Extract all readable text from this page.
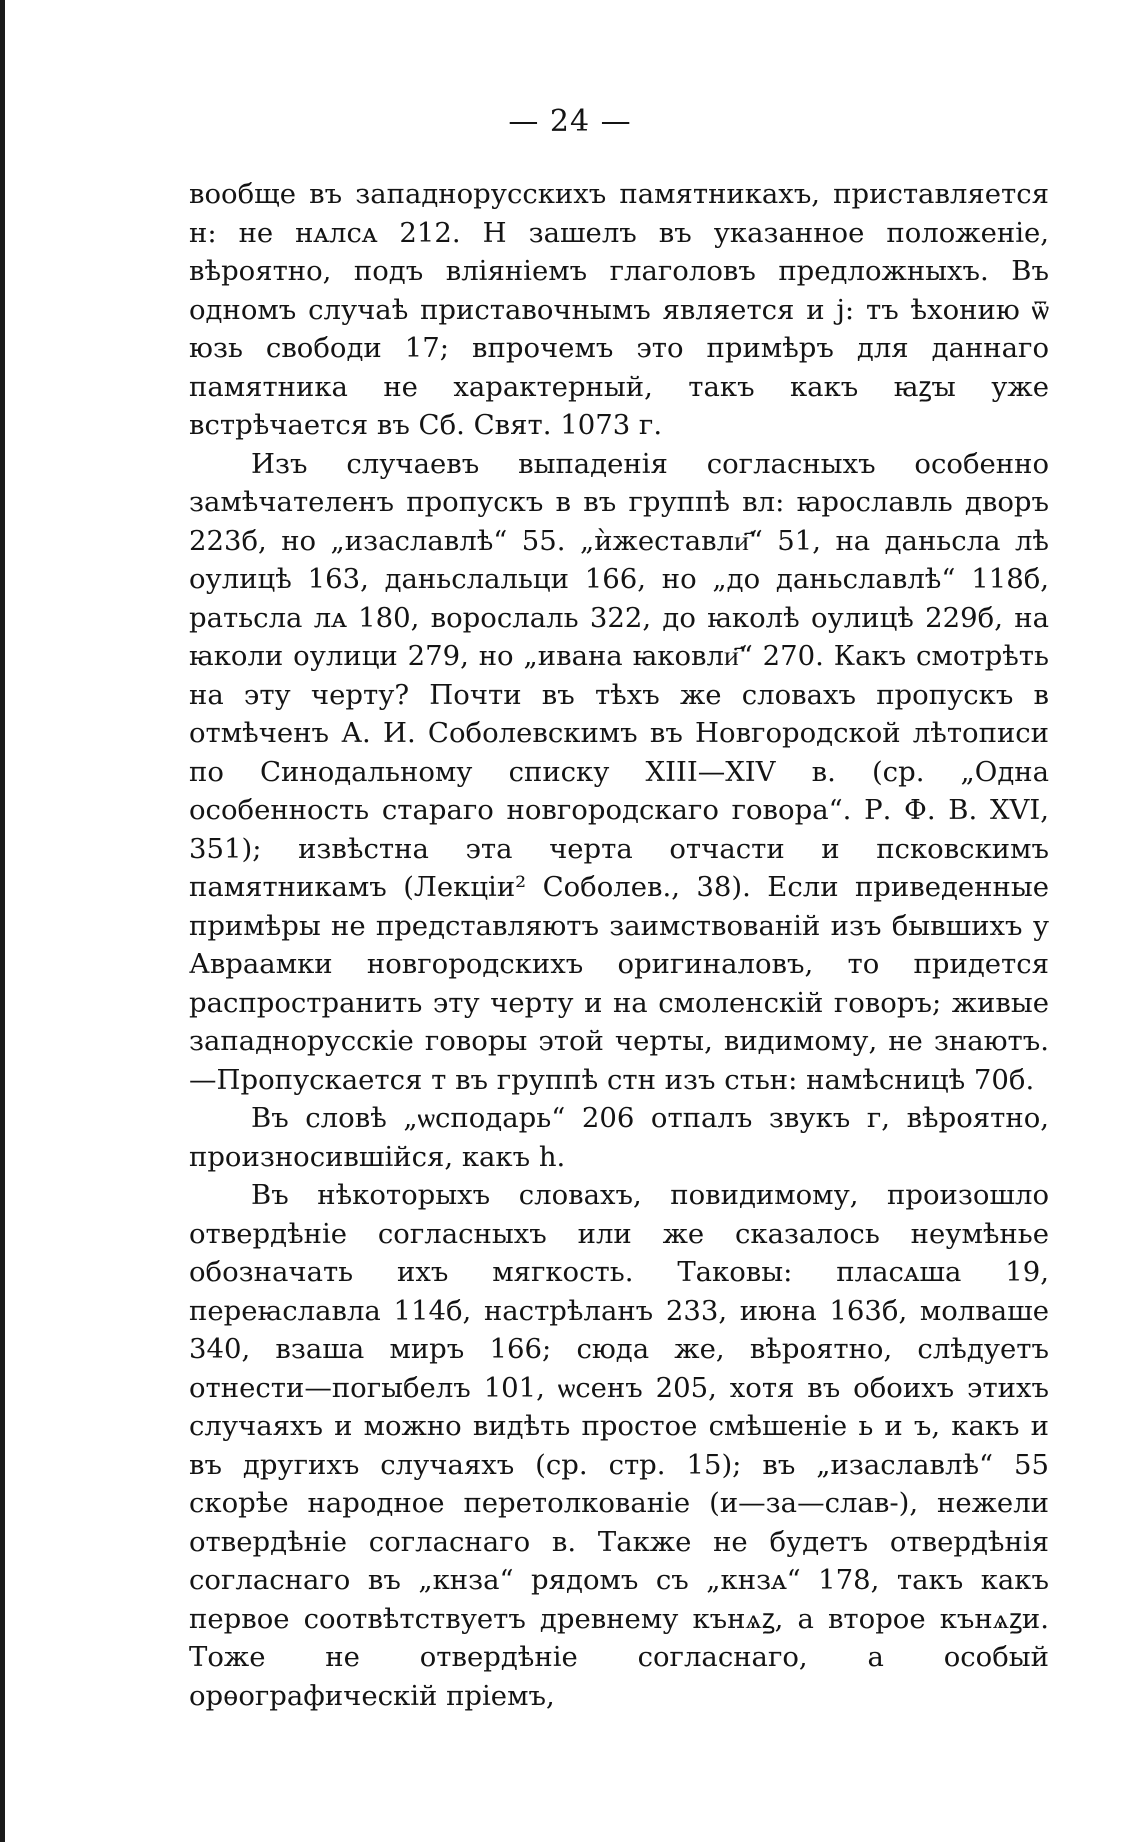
— 24 —

вообще въ западнорусскихъ памятникахъ, приставляется н: не нᴀлсᴀ 212. Н зашелъ въ указанное положеніе, вѣроятно, подъ вліяніемъ глаголовъ предложныхъ. Въ одномъ случаѣ приставочнымъ является и j: тъ ѣхонию ѿ юзь свободи 17; впрочемъ это примѣръ для даннаго памятника не характерный, такъ какъ ꙗꙁꙑ уже встрѣчается въ Сб. Свят. 1073 г.

Изъ случаевъ выпаденія согласныхъ особенно замѣчателенъ пропускъ в въ группѣ вл: ꙗрославль дворъ 223б, но „изаславлѣ“ 55. „ѝжеставли҃“ 51, на даньсла лѣ оулицѣ 163, даньслальци 166, но „до даньславлѣ“ 118б, ратьсла лᴀ 180, ворослаль 322, до ꙗколѣ оулицѣ 229б, на ꙗколи оулици 279, но „ивана ꙗковли҃“ 270. Какъ смотрѣть на эту черту? Почти въ тѣхъ же словахъ пропускъ в отмѣченъ А. И. Соболевскимъ въ Новгородской лѣтописи по Синодальному списку XIII—XIV в. (ср. „Одна особенность стараго новгородскаго говора“. Р. Ф. В. XVI, 351); извѣстна эта черта отчасти и псковскимъ памятникамъ (Лекціи² Соболев., 38). Если приведенные примѣры не представляютъ заимствованій изъ бывшихъ у Авраамки новгородскихъ оригиналовъ, то придется распространить эту черту и на смоленскій говоръ; живые западнорусскіе говоры этой черты, видимому, не знаютъ.—Пропускается т въ группѣ стн изъ стьн: намѣсницѣ 70б.

Въ словѣ „ѡсподарь“ 206 отпалъ звукъ г, вѣроятно, произносившійся, какъ h.

Въ нѣкоторыхъ словахъ, повидимому, произошло отвердѣніе согласныхъ или же сказалось неумѣнье обозначать ихъ мягкость. Таковы: пласᴀша 19, переꙗславла 114б, настрѣланъ 233, июна 163б, молваше 340, взаша миръ 166; сюда же, вѣроятно, слѣдуетъ отнести—погыбелъ 101, ѡсенъ 205, хотя въ обоихъ этихъ случаяхъ и можно видѣть простое смѣшеніе ь и ъ, какъ и въ другихъ случаяхъ (ср. стр. 15); въ „изаславлѣ“ 55 скорѣе народное перетолкованіе (и—за—слав-), нежели отвердѣніе согласнаго в. Также не будетъ отвердѣнія согласнаго въ „кнза“ рядомъ съ „кнзᴀ“ 178, такъ какъ первое соотвѣтствуетъ древнему кънѧꙁ, а второе кънѧꙁи. Тоже не отвердѣніе согласнаго, а особый орѳографическій пріемъ,
